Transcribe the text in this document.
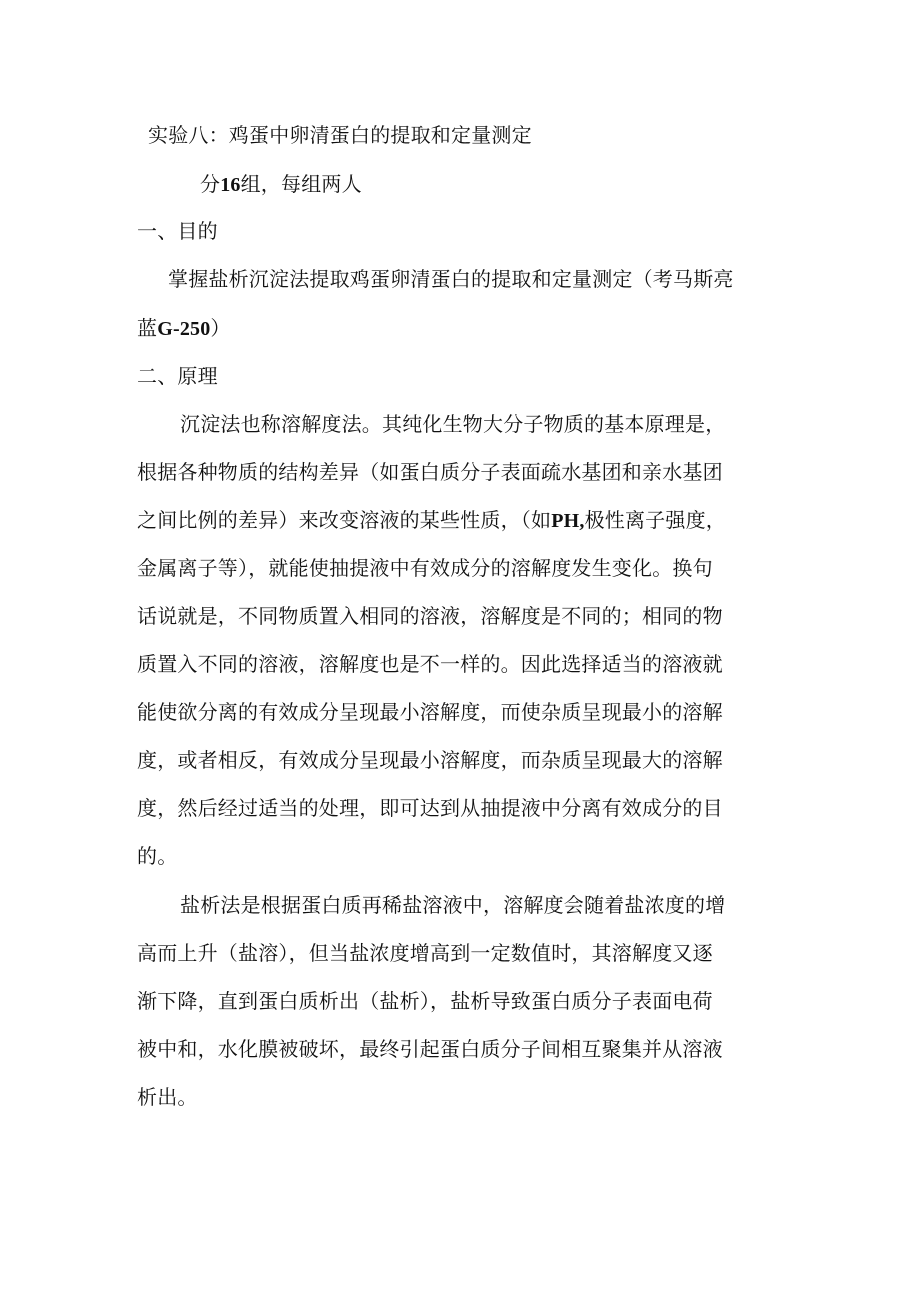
实验八：鸡蛋中卵清蛋白的提取和定量测定
分16组，每组两人
一、目的
掌握盐析沉淀法提取鸡蛋卵清蛋白的提取和定量测定（考马斯亮
蓝G-250）
二、原理
沉淀法也称溶解度法。其纯化生物大分子物质的基本原理是，
根据各种物质的结构差异（如蛋白质分子表面疏水基团和亲水基团
之间比例的差异）来改变溶液的某些性质，（如PH,极性离子强度，
金属离子等），就能使抽提液中有效成分的溶解度发生变化。换句
话说就是，不同物质置入相同的溶液，溶解度是不同的；相同的物
质置入不同的溶液，溶解度也是不一样的。因此选择适当的溶液就
能使欲分离的有效成分呈现最小溶解度，而使杂质呈现最小的溶解
度，或者相反，有效成分呈现最小溶解度，而杂质呈现最大的溶解
度，然后经过适当的处理，即可达到从抽提液中分离有效成分的目
的。
盐析法是根据蛋白质再稀盐溶液中，溶解度会随着盐浓度的增
高而上升（盐溶），但当盐浓度增高到一定数值时，其溶解度又逐
渐下降，直到蛋白质析出（盐析），盐析导致蛋白质分子表面电荷
被中和，水化膜被破坏，最终引起蛋白质分子间相互聚集并从溶液
析出。
